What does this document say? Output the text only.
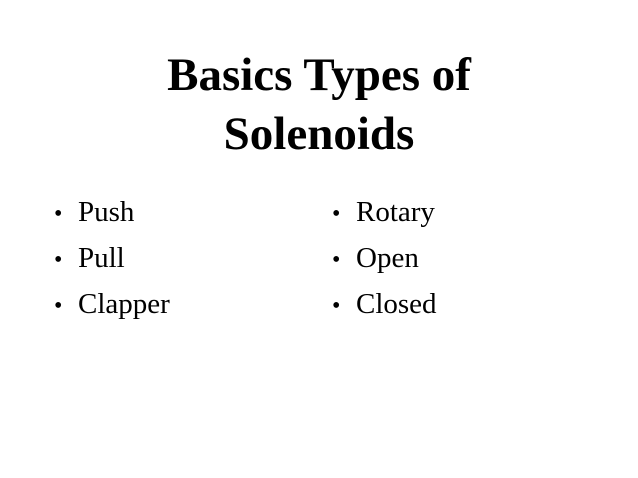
Basics Types of
Solenoids
• Push
• Pull
• Clapper
• Rotary
• Open
• Closed
